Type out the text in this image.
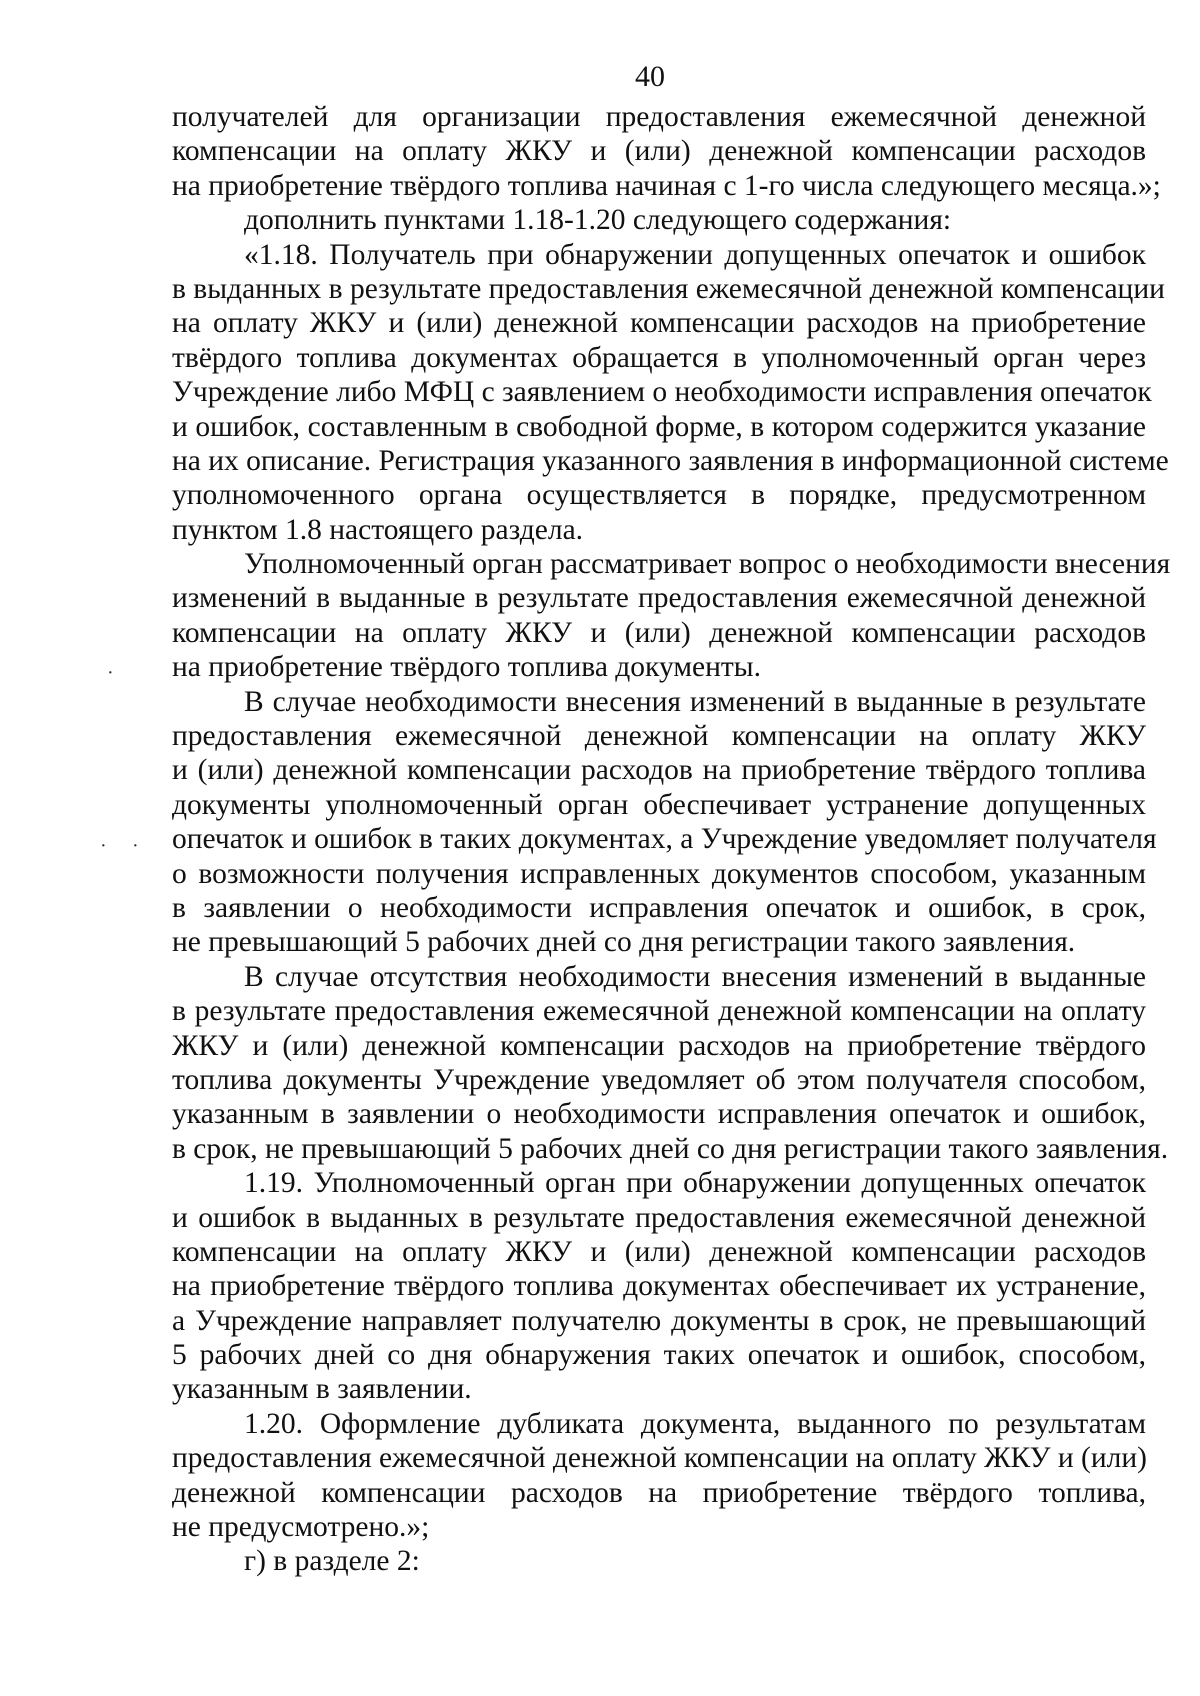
40
получателей для организации предоставления ежемесячной денежной
компенсации на оплату ЖКУ и (или) денежной компенсации расходов
на приобретение твёрдого топлива начиная с 1-го числа следующего месяца.»;
дополнить пунктами 1.18-1.20 следующего содержания:
«1.18. Получатель при обнаружении допущенных опечаток и ошибок
в выданных в результате предоставления ежемесячной денежной компенсации
на оплату ЖКУ и (или) денежной компенсации расходов на приобретение
твёрдого топлива документах обращается в уполномоченный орган через
Учреждение либо МФЦ с заявлением о необходимости исправления опечаток
и ошибок, составленным в свободной форме, в котором содержится указание
на их описание. Регистрация указанного заявления в информационной системе
уполномоченного органа осуществляется в порядке, предусмотренном
пунктом 1.8 настоящего раздела.
Уполномоченный орган рассматривает вопрос о необходимости внесения
изменений в выданные в результате предоставления ежемесячной денежной
компенсации на оплату ЖКУ и (или) денежной компенсации расходов
на приобретение твёрдого топлива документы.
В случае необходимости внесения изменений в выданные в результате
предоставления ежемесячной денежной компенсации на оплату ЖКУ
и (или) денежной компенсации расходов на приобретение твёрдого топлива
документы уполномоченный орган обеспечивает устранение допущенных
опечаток и ошибок в таких документах, а Учреждение уведомляет получателя
о возможности получения исправленных документов способом, указанным
в заявлении о необходимости исправления опечаток и ошибок, в срок,
не превышающий 5 рабочих дней со дня регистрации такого заявления.
В случае отсутствия необходимости внесения изменений в выданные
в результате предоставления ежемесячной денежной компенсации на оплату
ЖКУ и (или) денежной компенсации расходов на приобретение твёрдого
топлива документы Учреждение уведомляет об этом получателя способом,
указанным в заявлении о необходимости исправления опечаток и ошибок,
в срок, не превышающий 5 рабочих дней со дня регистрации такого заявления.
1.19. Уполномоченный орган при обнаружении допущенных опечаток
и ошибок в выданных в результате предоставления ежемесячной денежной
компенсации на оплату ЖКУ и (или) денежной компенсации расходов
на приобретение твёрдого топлива документах обеспечивает их устранение,
а Учреждение направляет получателю документы в срок, не превышающий
5 рабочих дней со дня обнаружения таких опечаток и ошибок, способом,
указанным в заявлении.
1.20. Оформление дубликата документа, выданного по результатам
предоставления ежемесячной денежной компенсации на оплату ЖКУ и (или)
денежной компенсации расходов на приобретение твёрдого топлива,
не предусмотрено.»;
г) в разделе 2:
·
· ·
